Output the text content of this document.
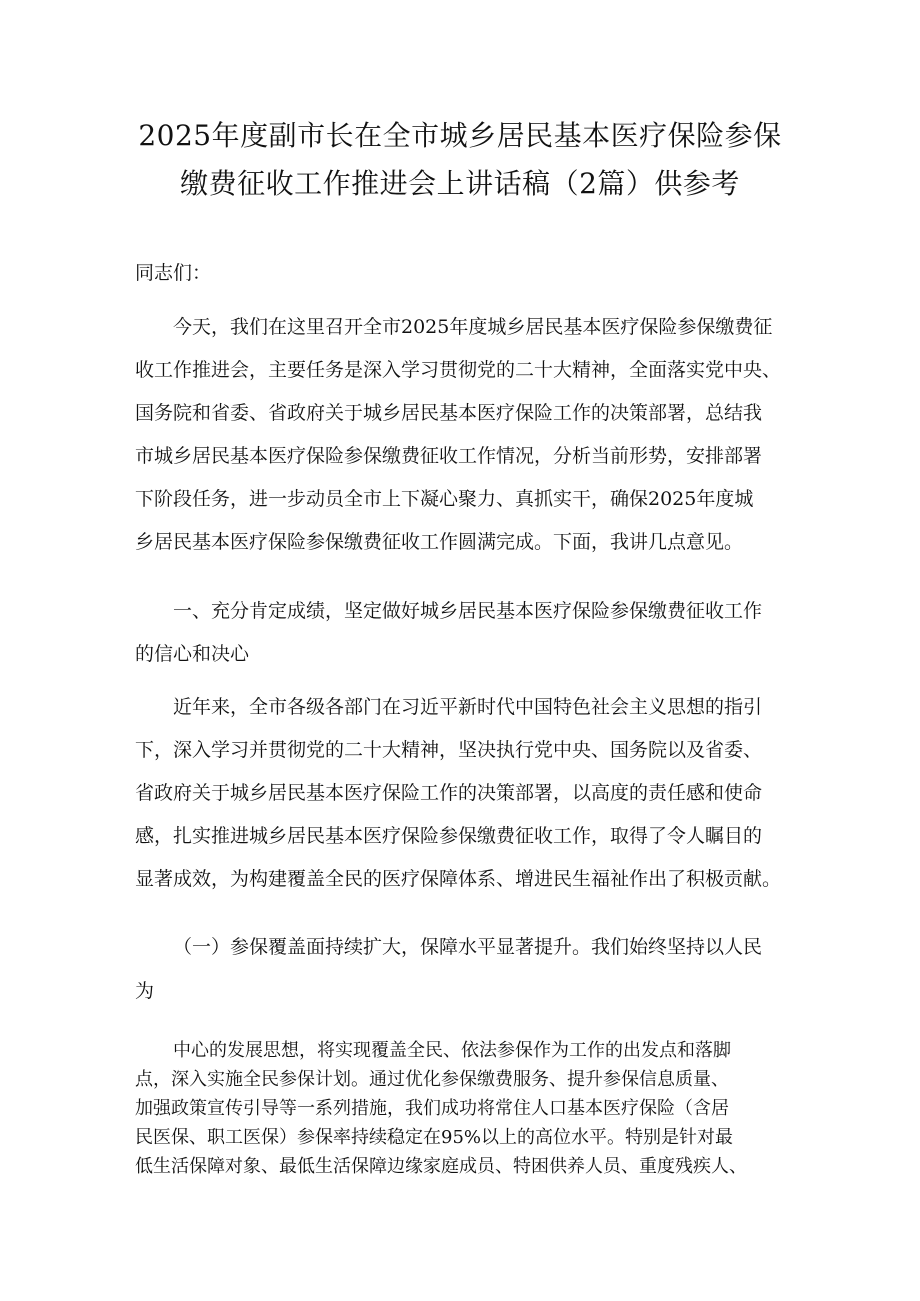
2025年度副市长在全市城乡居民基本医疗保险参保
缴费征收工作推进会上讲话稿（2篇）供参考
同志们：
今天，我们在这里召开全市2025年度城乡居民基本医疗保险参保缴费征
收工作推进会，主要任务是深入学习贯彻党的二十大精神，全面落实党中央、
国务院和省委、省政府关于城乡居民基本医疗保险工作的决策部署，总结我
市城乡居民基本医疗保险参保缴费征收工作情况，分析当前形势，安排部署
下阶段任务，进一步动员全市上下凝心聚力、真抓实干，确保2025年度城
乡居民基本医疗保险参保缴费征收工作圆满完成。下面，我讲几点意见。
一、充分肯定成绩，坚定做好城乡居民基本医疗保险参保缴费征收工作
的信心和决心
近年来，全市各级各部门在习近平新时代中国特色社会主义思想的指引
下，深入学习并贯彻党的二十大精神，坚决执行党中央、国务院以及省委、
省政府关于城乡居民基本医疗保险工作的决策部署，以高度的责任感和使命
感，扎实推进城乡居民基本医疗保险参保缴费征收工作，取得了令人瞩目的
显著成效，为构建覆盖全民的医疗保障体系、增进民生福祉作出了积极贡献。
（一）参保覆盖面持续扩大，保障水平显著提升。我们始终坚持以人民
为
中心的发展思想，将实现覆盖全民、依法参保作为工作的出发点和落脚
点，深入实施全民参保计划。通过优化参保缴费服务、提升参保信息质量、
加强政策宣传引导等一系列措施，我们成功将常住人口基本医疗保险（含居
民医保、职工医保）参保率持续稳定在95%以上的高位水平。特别是针对最
低生活保障对象、最低生活保障边缘家庭成员、特困供养人员、重度残疾人、
